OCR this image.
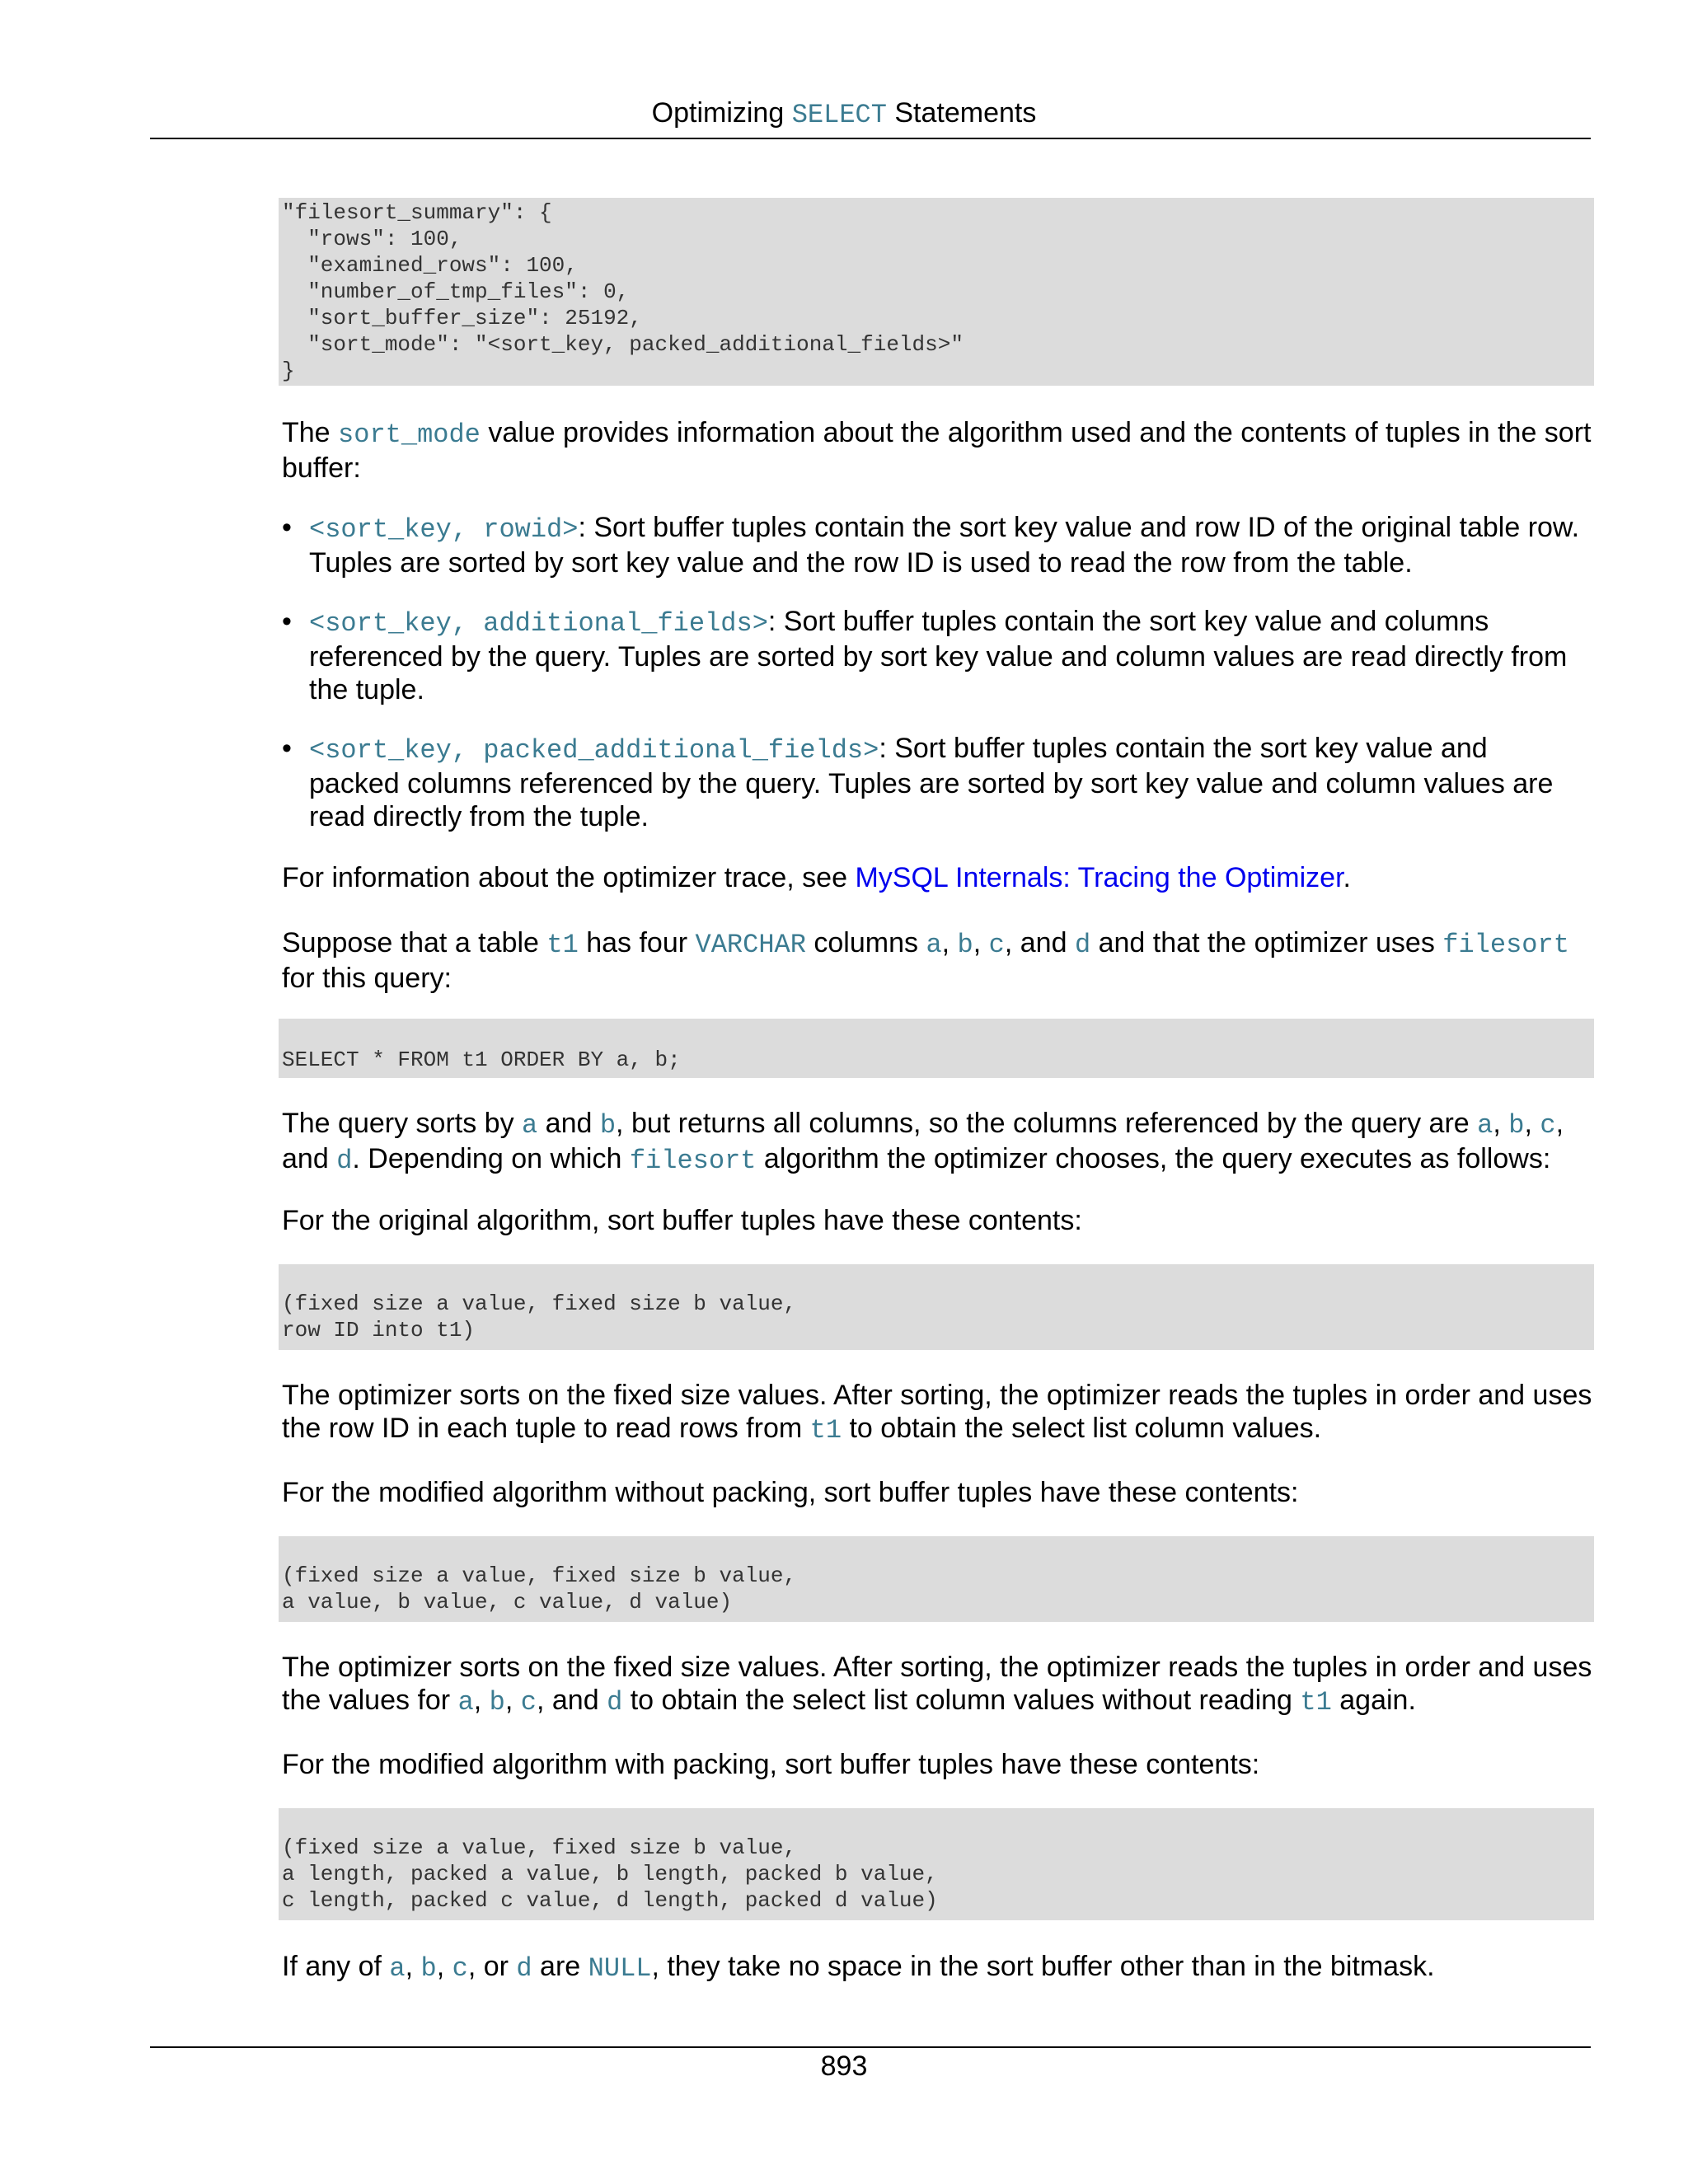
Optimizing SELECT Statements
"filesort_summary": {
"rows": 100,
"examined_rows": 100,
"number_of_tmp_files": 0,
"sort_buffer_size": 25192,
"sort_mode": "<sort_key, packed_additional_fields>"
}

The sort_mode value provides information about the algorithm used and the contents of tuples in the sort

buffer:

• <sort_key, rowid>: Sort buffer tuples contain the sort key value and row ID of the original table row.

Tuples are sorted by sort key value and the row ID is used to read the row from the table.

• <sort_key, additional_fields>: Sort buffer tuples contain the sort key value and columns

referenced by the query. Tuples are sorted by sort key value and column values are read directly from

the tuple.

• <sort_key, packed_additional_fields>: Sort buffer tuples contain the sort key value and

packed columns referenced by the query. Tuples are sorted by sort key value and column values are

read directly from the tuple.

For information about the optimizer trace, see MySQL Internals: Tracing the Optimizer.

Suppose that a table t1 has four VARCHAR columns a, b, c, and d and that the optimizer uses filesort

for this query:

SELECT * FROM t1 ORDER BY a, b;

The query sorts by a and b, but returns all columns, so the columns referenced by the query are a, b, c,

and d. Depending on which filesort algorithm the optimizer chooses, the query executes as follows:

For the original algorithm, sort buffer tuples have these contents:

(fixed size a value, fixed size b value,
row ID into t1)

The optimizer sorts on the fixed size values. After sorting, the optimizer reads the tuples in order and uses

the row ID in each tuple to read rows from t1 to obtain the select list column values.

For the modified algorithm without packing, sort buffer tuples have these contents:

(fixed size a value, fixed size b value,
a value, b value, c value, d value)

The optimizer sorts on the fixed size values. After sorting, the optimizer reads the tuples in order and uses

the values for a, b, c, and d to obtain the select list column values without reading t1 again.

For the modified algorithm with packing, sort buffer tuples have these contents:

(fixed size a value, fixed size b value,
a length, packed a value, b length, packed b value,
c length, packed c value, d length, packed d value)

If any of a, b, c, or d are NULL, they take no space in the sort buffer other than in the bitmask.

893
